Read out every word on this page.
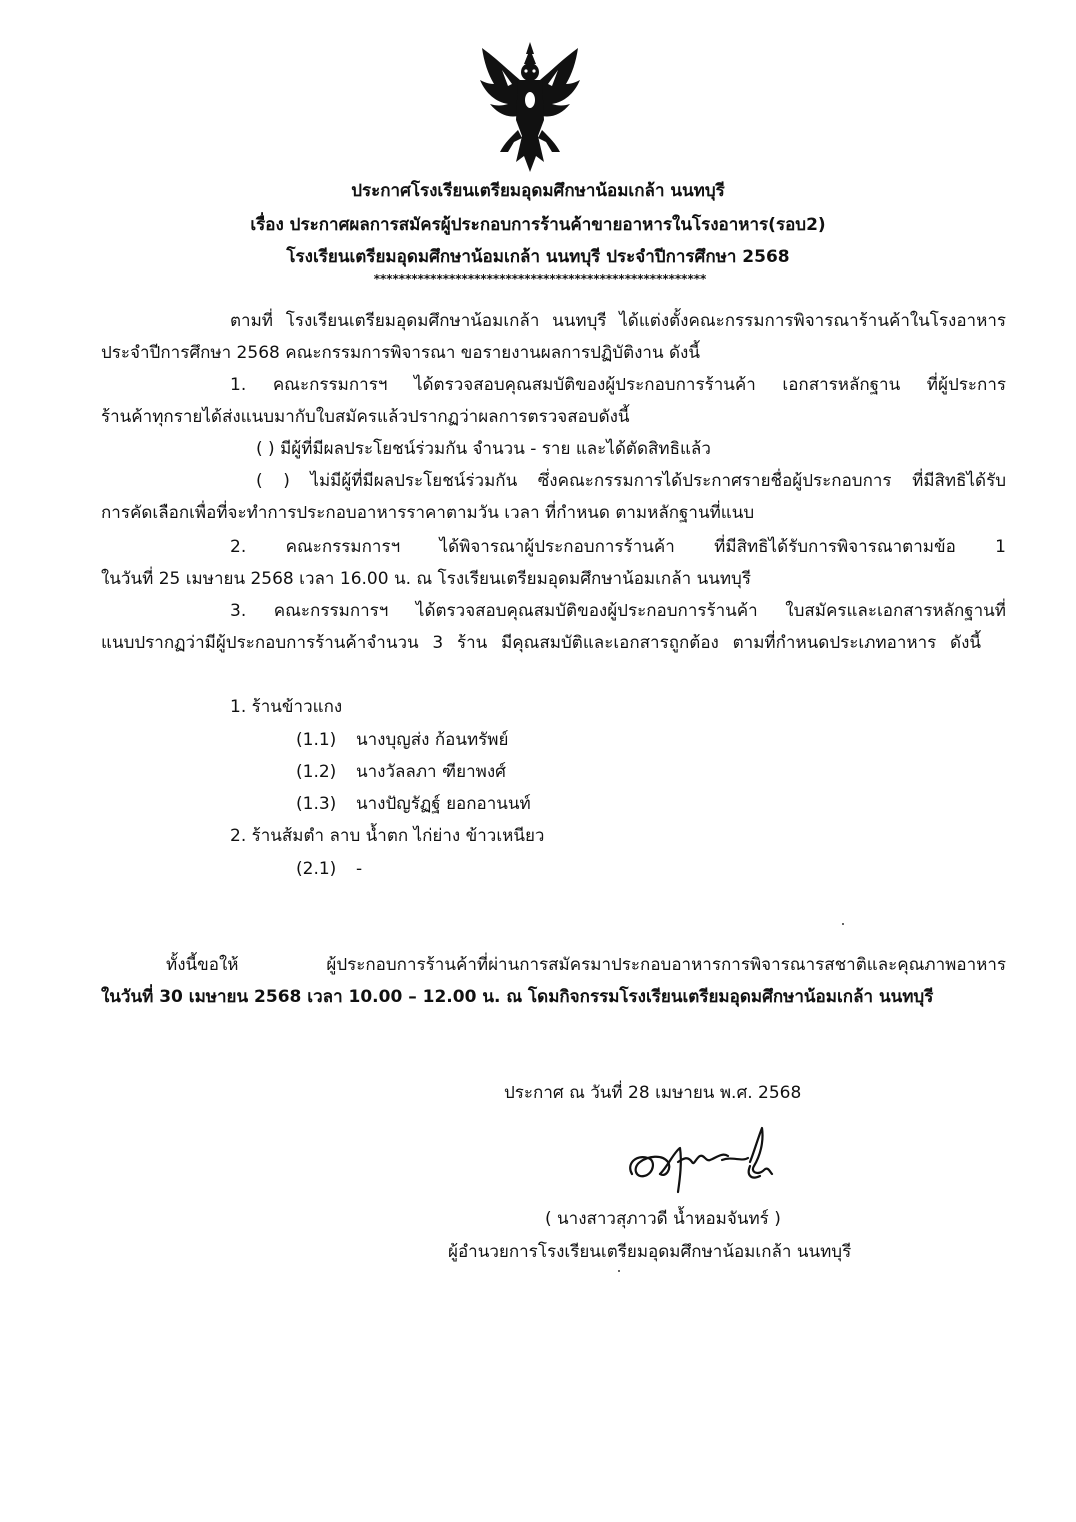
ประกาศโรงเรียนเตรียมอุดมศึกษาน้อมเกล้า นนทบุรี
เรื่อง ประกาศผลการสมัครผู้ประกอบการร้านค้าขายอาหารในโรงอาหาร(รอบ2)
โรงเรียนเตรียมอุดมศึกษาน้อมเกล้า นนทบุรี ประจำปีการศึกษา 2568
*****************************************************
ตามที่ โรงเรียนเตรียมอุดมศึกษาน้อมเกล้า นนทบุรี ได้แต่งตั้งคณะกรรมการพิจารณาร้านค้าในโรงอาหาร
ประจำปีการศึกษา 2568 คณะกรรมการพิจารณา ขอรายงานผลการปฏิบัติงาน ดังนี้
1. คณะกรรมการฯ ได้ตรวจสอบคุณสมบัติของผู้ประกอบการร้านค้า เอกสารหลักฐาน ที่ผู้ประการ
ร้านค้าทุกรายได้ส่งแนบมากับใบสมัครแล้วปรากฏว่าผลการตรวจสอบดังนี้
( ) มีผู้ที่มีผลประโยชน์ร่วมกัน จำนวน - ราย และได้ตัดสิทธิแล้ว
( ) ไม่มีผู้ที่มีผลประโยชน์ร่วมกัน ซึ่งคณะกรรมการได้ประกาศรายชื่อผู้ประกอบการ ที่มีสิทธิได้รับ
การคัดเลือกเพื่อที่จะทำการประกอบอาหารราคาตามวัน เวลา ที่กำหนด ตามหลักฐานที่แนบ
2. คณะกรรมการฯ ได้พิจารณาผู้ประกอบการร้านค้า ที่มีสิทธิได้รับการพิจารณาตามข้อ 1
ในวันที่ 25 เมษายน 2568 เวลา 16.00 น. ณ โรงเรียนเตรียมอุดมศึกษาน้อมเกล้า นนทบุรี
3. คณะกรรมการฯ ได้ตรวจสอบคุณสมบัติของผู้ประกอบการร้านค้า ใบสมัครและเอกสารหลักฐานที่
แนบปรากฏว่ามีผู้ประกอบการร้านค้าจำนวน 3 ร้าน มีคุณสมบัติและเอกสารถูกต้อง ตามที่กำหนดประเภทอาหาร ดังนี้
1. ร้านข้าวแกง
(1.1) นางบุญส่ง ก้อนทรัพย์
(1.2) นางวัลลภา ฑียาพงศ์
(1.3) นางปัญรัฏฐ์ ยอกอานนท์
2. ร้านส้มตำ ลาบ น้ำตก ไก่ย่าง ข้าวเหนียว
(2.1) -
ทั้งนี้ขอให้ ผู้ประกอบการร้านค้าที่ผ่านการสมัครมาประกอบอาหารการพิจารณารสชาติและคุณภาพอาหาร
ในวันที่ 30 เมษายน 2568 เวลา 10.00 – 12.00 น. ณ โดมกิจกรรมโรงเรียนเตรียมอุดมศึกษาน้อมเกล้า นนทบุรี
ประกาศ ณ วันที่ 28 เมษายน พ.ศ. 2568
( นางสาวสุภาวดี น้ำหอมจันทร์ )
ผู้อำนวยการโรงเรียนเตรียมอุดมศึกษาน้อมเกล้า นนทบุรี
